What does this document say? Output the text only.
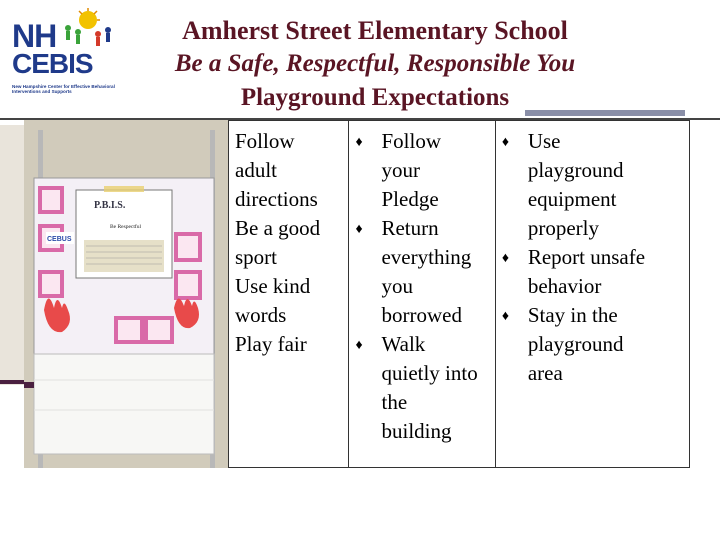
NH
CEBIS
New Hampshire Center for Effective Behavioral Interventions and Supports
Amherst Street Elementary School
Be a Safe, Respectful, Responsible You
Playground Expectations
P.B.I.S.
Be Respectful
CEBUS
Follow
adult
directions
Be a good
sport
Use kind
words
Play fair
♦ Follow
your
Pledge
♦ Return
everything
you
borrowed
♦ Walk
quietly into
the
building
♦ Use
playground
equipment
properly
♦ Report unsafe
behavior
♦ Stay in the
playground
area
